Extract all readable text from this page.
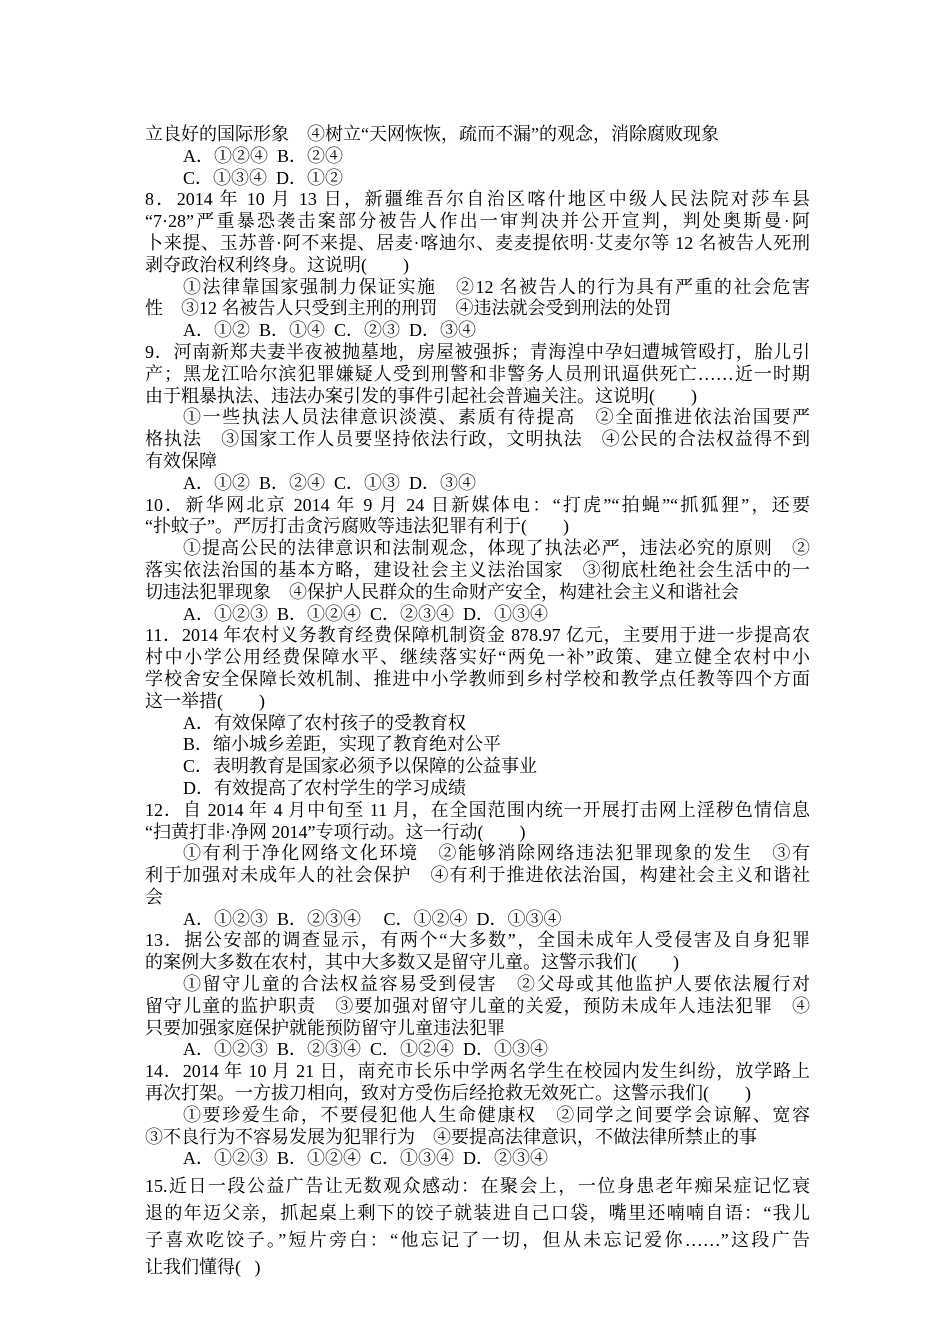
立良好的国际形象　④树立“天网恢恢，疏而不漏”的观念，消除腐败现象
A．①②④  B．②④
C．①③④  D．①②
8．2014 年 10 月 13 日，新疆维吾尔自治区喀什地区中级人民法院对莎车县
“7·28”严重暴恐袭击案部分被告人作出一审判决并公开宣判，判处奥斯曼·阿
卜来提、玉苏普·阿不来提、居麦·喀迪尔、麦麦提依明·艾麦尔等 12 名被告人死刑
剥夺政治权利终身。这说明(　　)
①法律靠国家强制力保证实施　②12 名被告人的行为具有严重的社会危害
性　③12 名被告人只受到主刑的刑罚　④违法就会受到刑法的处罚
A．①②  B．①④  C．②③  D．③④
9．河南新郑夫妻半夜被抛墓地，房屋被强拆；青海湟中孕妇遭城管殴打，胎儿引
产；黑龙江哈尔滨犯罪嫌疑人受到刑警和非警务人员刑讯逼供死亡……近一时期
由于粗暴执法、违法办案引发的事件引起社会普遍关注。这说明(　　)
①一些执法人员法律意识淡漠、素质有待提高　②全面推进依法治国要严
格执法　③国家工作人员要坚持依法行政，文明执法　④公民的合法权益得不到
有效保障
A．①②  B．②④  C．①③  D．③④
10．新华网北京 2014 年 9 月 24 日新媒体电：“打虎”“拍蝇”“抓狐狸”，还要
“扑蚊子”。严厉打击贪污腐败等违法犯罪有利于(　　)
①提高公民的法律意识和法制观念，体现了执法必严，违法必究的原则　②
落实依法治国的基本方略，建设社会主义法治国家　③彻底杜绝社会生活中的一
切违法犯罪现象　④保护人民群众的生命财产安全，构建社会主义和谐社会
A．①②③  B．①②④  C．②③④  D．①③④
11．2014 年农村义务教育经费保障机制资金 878.97 亿元，主要用于进一步提高农
村中小学公用经费保障水平、继续落实好“两免一补”政策、建立健全农村中小
学校舍安全保障长效机制、推进中小学教师到乡村学校和教学点任教等四个方面
这一举措(　　)
A．有效保障了农村孩子的受教育权
B．缩小城乡差距，实现了教育绝对公平
C．表明教育是国家必须予以保障的公益事业
D．有效提高了农村学生的学习成绩
12．自 2014 年 4 月中旬至 11 月，在全国范围内统一开展打击网上淫秽色情信息
“扫黄打非·净网 2014”专项行动。这一行动(　　)
①有利于净化网络文化环境　②能够消除网络违法犯罪现象的发生　③有
利于加强对未成年人的社会保护　④有利于推进依法治国，构建社会主义和谐社
会
A．①②③  B．②③④　 C．①②④  D．①③④
13．据公安部的调查显示，有两个“大多数”，全国未成年人受侵害及自身犯罪
的案例大多数在农村，其中大多数又是留守儿童。这警示我们(　　)
①留守儿童的合法权益容易受到侵害　②父母或其他监护人要依法履行对
留守儿童的监护职责　③要加强对留守儿童的关爱，预防未成年人违法犯罪　④
只要加强家庭保护就能预防留守儿童违法犯罪
A．①②③  B．②③④  C．①②④  D．①③④
14．2014 年 10 月 21 日，南充市长乐中学两名学生在校园内发生纠纷，放学路上
再次打架。一方拔刀相向，致对方受伤后经抢救无效死亡。这警示我们(　　)
①要珍爱生命，不要侵犯他人生命健康权　②同学之间要学会谅解、宽容
③不良行为不容易发展为犯罪行为　④要提高法律意识，不做法律所禁止的事
A．①②③  B．①②④  C．①③④  D．②③④
15.近日一段公益广告让无数观众感动：在聚会上，一位身患老年痴呆症记忆衰
退的年迈父亲，抓起桌上剩下的饺子就装进自己口袋，嘴里还喃喃自语：“我儿
子喜欢吃饺子。”短片旁白：“他忘记了一切，但从未忘记爱你……”这段广告
让我们懂得(   )
